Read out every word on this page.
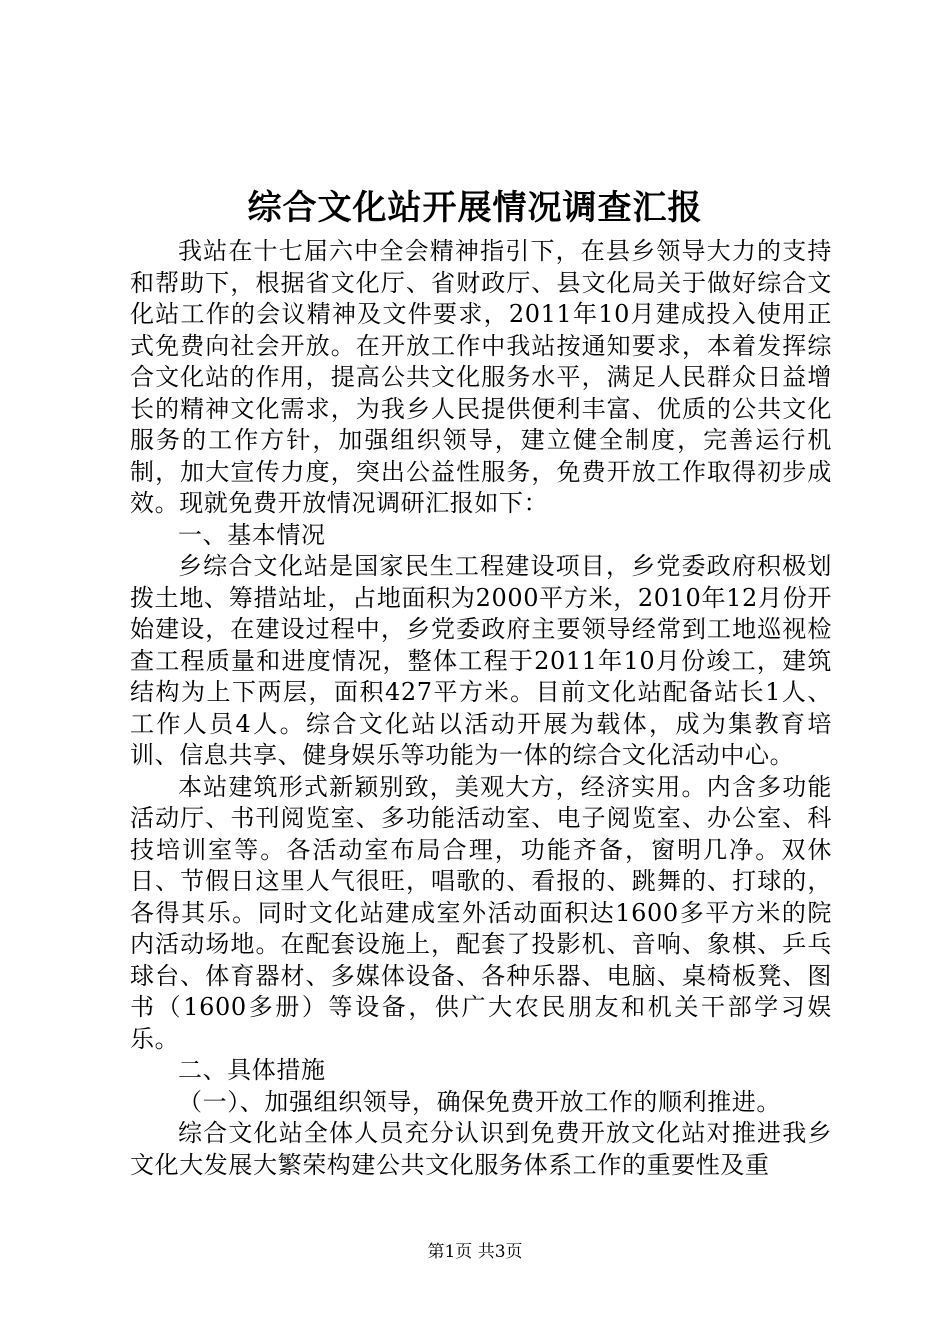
综合文化站开展情况调查汇报

我站在十七届六中全会精神指引下，在县乡领导大力的支持和帮助下，根据省文化厅、省财政厅、县文化局关于做好综合文化站工作的会议精神及文件要求，2011年10月建成投入使用正式免费向社会开放。在开放工作中我站按通知要求，本着发挥综合文化站的作用，提高公共文化服务水平，满足人民群众日益增长的精神文化需求，为我乡人民提供便利丰富、优质的公共文化服务的工作方针，加强组织领导，建立健全制度，完善运行机制，加大宣传力度，突出公益性服务，免费开放工作取得初步成效。现就免费开放情况调研汇报如下：

一、基本情况

乡综合文化站是国家民生工程建设项目，乡党委政府积极划拨土地、筹措站址，占地面积为2000平方米，2010年12月份开始建设，在建设过程中，乡党委政府主要领导经常到工地巡视检查工程质量和进度情况，整体工程于2011年10月份竣工，建筑结构为上下两层，面积427平方米。目前文化站配备站长1人、工作人员4人。综合文化站以活动开展为载体，成为集教育培训、信息共享、健身娱乐等功能为一体的综合文化活动中心。

本站建筑形式新颖别致，美观大方，经济实用。内含多功能活动厅、书刊阅览室、多功能活动室、电子阅览室、办公室、科技培训室等。各活动室布局合理，功能齐备，窗明几净。双休日、节假日这里人气很旺，唱歌的、看报的、跳舞的、打球的，各得其乐。同时文化站建成室外活动面积达1600多平方米的院内活动场地。在配套设施上，配套了投影机、音响、象棋、乒乓球台、体育器材、多媒体设备、各种乐器、电脑、桌椅板凳、图书（1600多册）等设备，供广大农民朋友和机关干部学习娱乐。

二、具体措施

（一）、加强组织领导，确保免费开放工作的顺利推进。

综合文化站全体人员充分认识到免费开放文化站对推进我乡文化大发展大繁荣构建公共文化服务体系工作的重要性及重

第1页 共3页
